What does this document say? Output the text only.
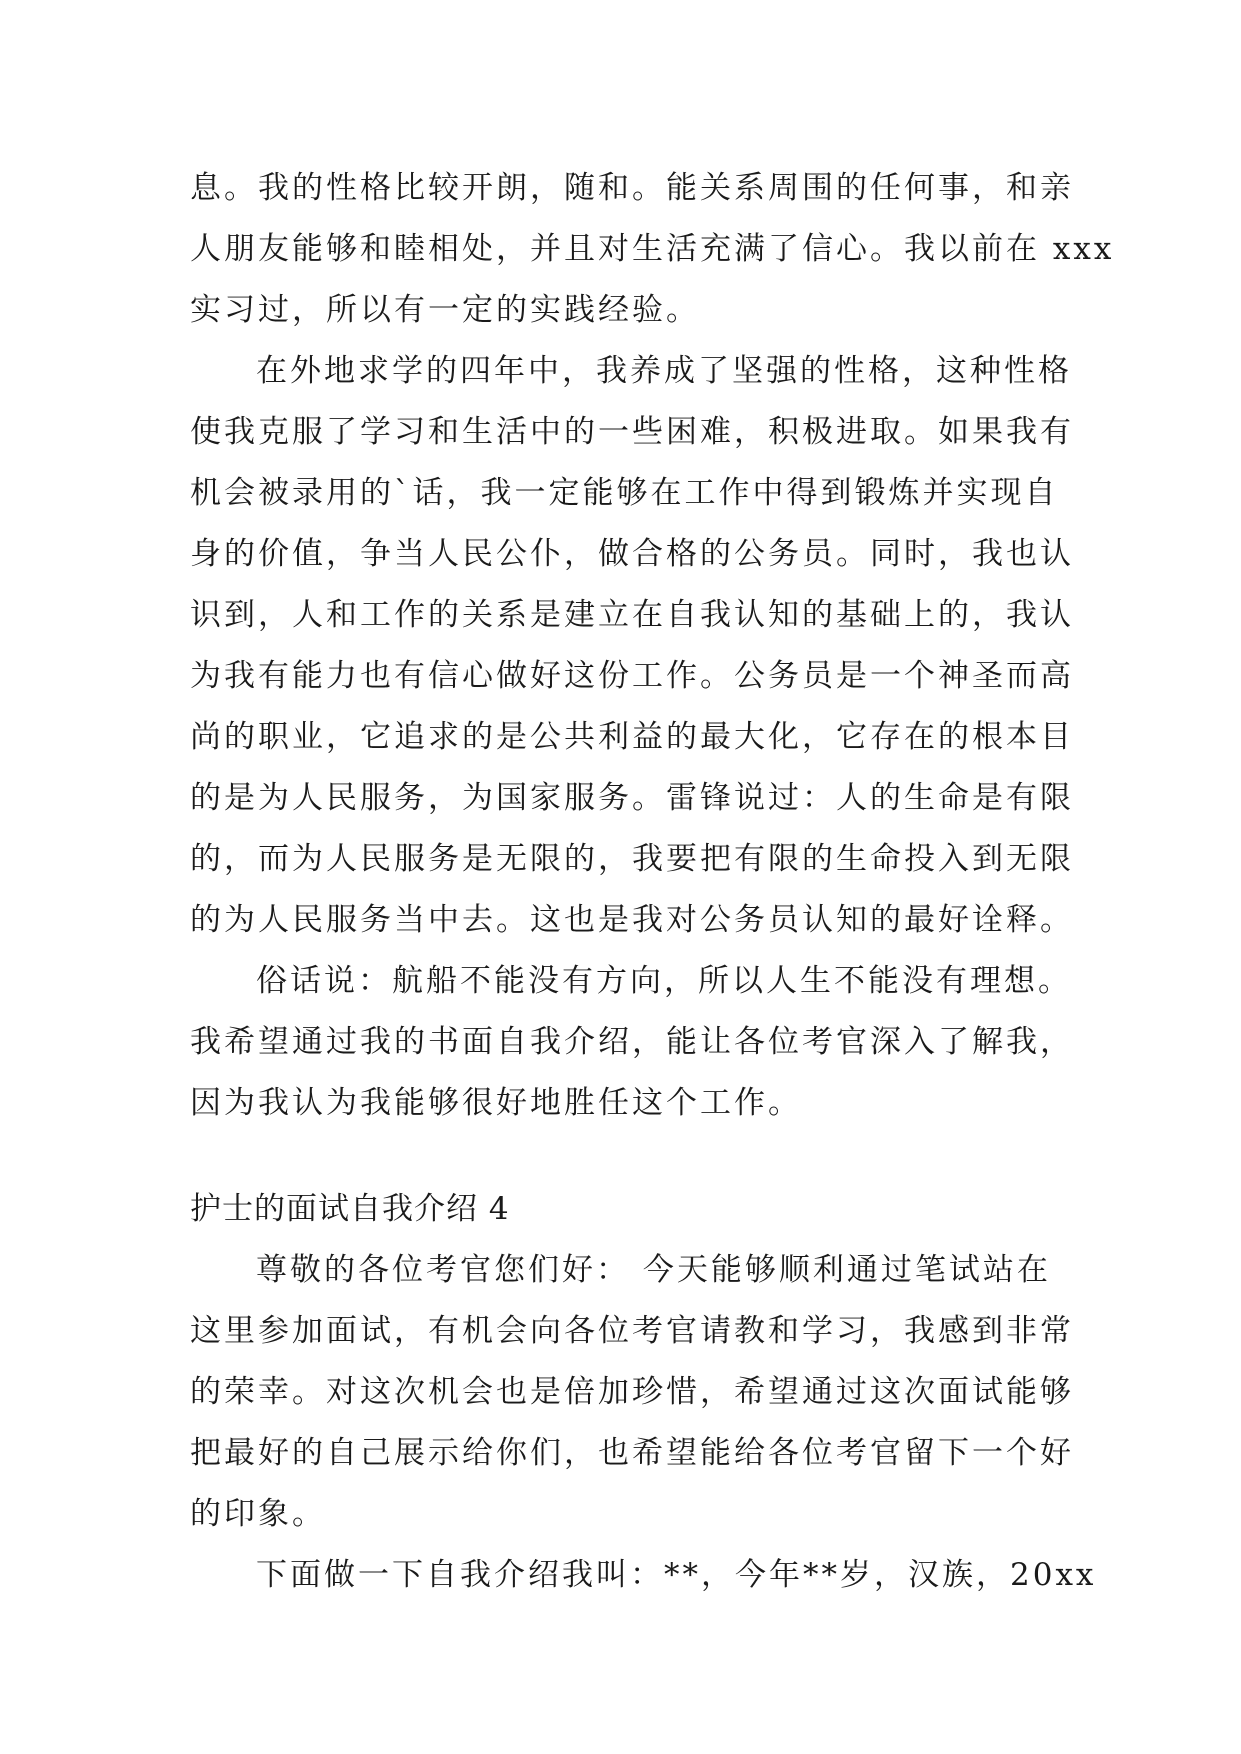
息。我的性格比较开朗，随和。能关系周围的任何事，和亲
人朋友能够和睦相处，并且对生活充满了信心。我以前在 xxx
实习过，所以有一定的实践经验。
在外地求学的四年中，我养成了坚强的性格，这种性格
使我克服了学习和生活中的一些困难，积极进取。如果我有
机会被录用的`话，我一定能够在工作中得到锻炼并实现自
身的价值，争当人民公仆，做合格的公务员。同时，我也认
识到，人和工作的关系是建立在自我认知的基础上的，我认
为我有能力也有信心做好这份工作。公务员是一个神圣而高
尚的职业，它追求的是公共利益的最大化，它存在的根本目
的是为人民服务，为国家服务。雷锋说过：人的生命是有限
的，而为人民服务是无限的，我要把有限的生命投入到无限
的为人民服务当中去。这也是我对公务员认知的最好诠释。
俗话说：航船不能没有方向，所以人生不能没有理想。
我希望通过我的书面自我介绍，能让各位考官深入了解我，
因为我认为我能够很好地胜任这个工作。
护士的面试自我介绍 4
尊敬的各位考官您们好： 今天能够顺利通过笔试站在
这里参加面试，有机会向各位考官请教和学习，我感到非常
的荣幸。对这次机会也是倍加珍惜，希望通过这次面试能够
把最好的自己展示给你们，也希望能给各位考官留下一个好
的印象。
下面做一下自我介绍我叫：**，今年**岁，汉族，20xx
